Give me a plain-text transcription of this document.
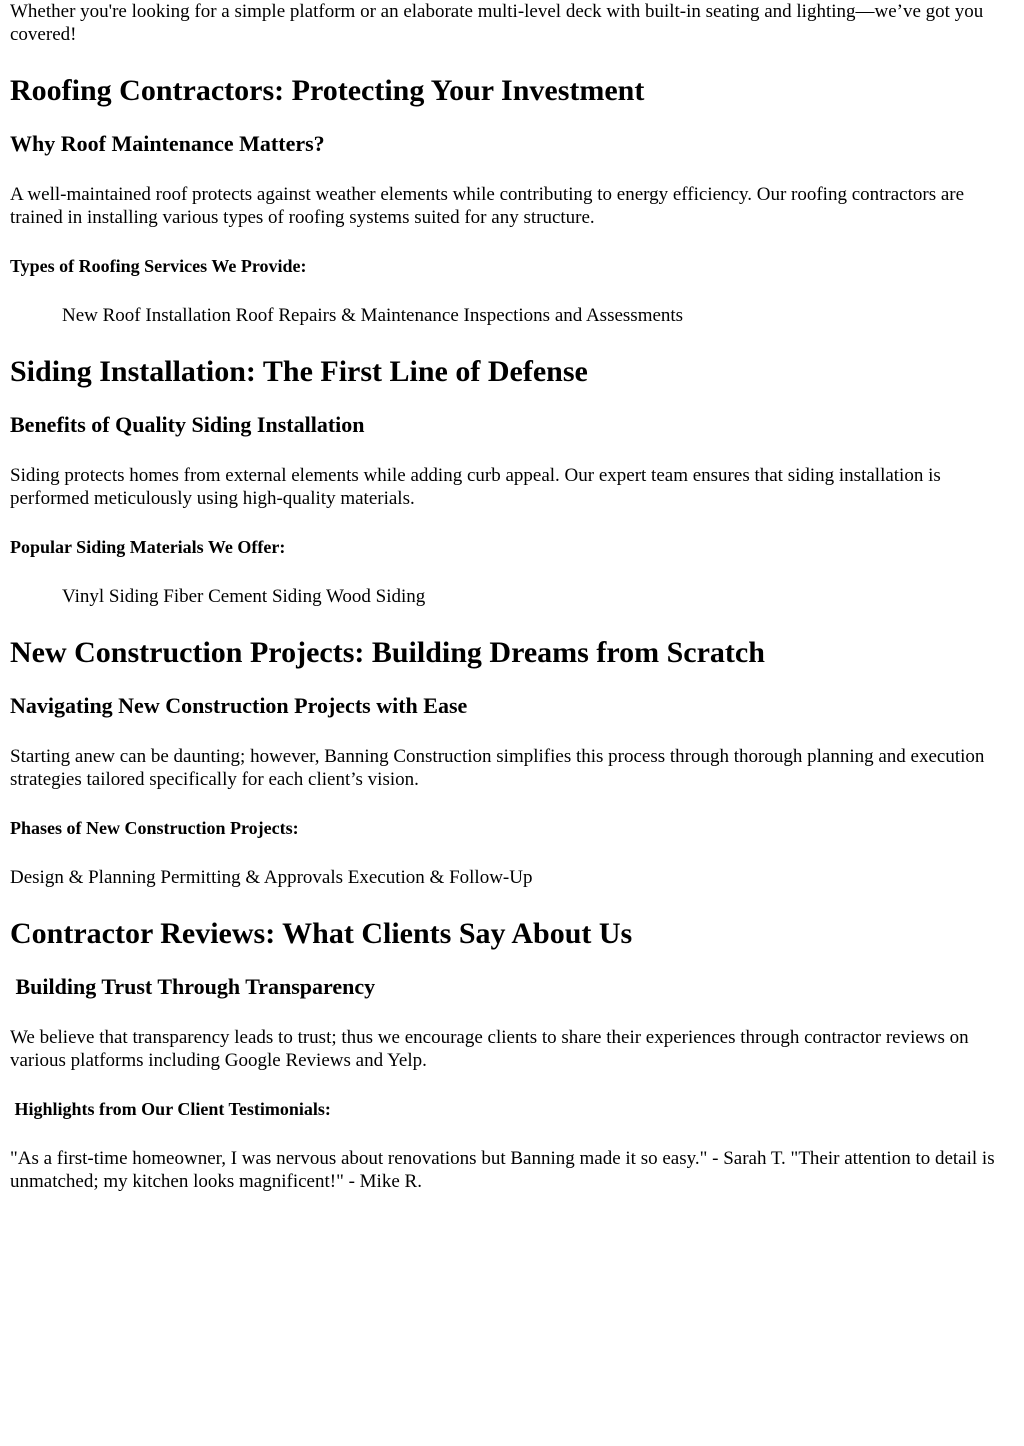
Whether you're looking for a simple platform or an elaborate multi-level deck with built-in seating and lighting—we’ve got you covered!

Roofing Contractors: Protecting Your Investment
Why Roof Maintenance Matters?

A well-maintained roof protects against weather elements while contributing to energy efficiency. Our roofing contractors are trained in installing various types of roofing systems suited for any structure.

Types of Roofing Services We Provide:

New Roof Installation Roof Repairs & Maintenance Inspections and Assessments

Siding Installation: The First Line of Defense
Benefits of Quality Siding Installation

Siding protects homes from external elements while adding curb appeal. Our expert team ensures that siding installation is performed meticulously using high-quality materials.

Popular Siding Materials We Offer:

Vinyl Siding Fiber Cement Siding Wood Siding

New Construction Projects: Building Dreams from Scratch
Navigating New Construction Projects with Ease

Starting anew can be daunting; however, Banning Construction simplifies this process through thorough planning and execution strategies tailored specifically for each client’s vision.

Phases of New Construction Projects:

Design & Planning Permitting & Approvals Execution & Follow-Up

Contractor Reviews: What Clients Say About Us
Building Trust Through Transparency

We believe that transparency leads to trust; thus we encourage clients to share their experiences through contractor reviews on various platforms including Google Reviews and Yelp.

Highlights from Our Client Testimonials:

"As a first-time homeowner, I was nervous about renovations but Banning made it so easy." - Sarah T. "Their attention to detail is unmatched; my kitchen looks magnificent!" - Mike R.
